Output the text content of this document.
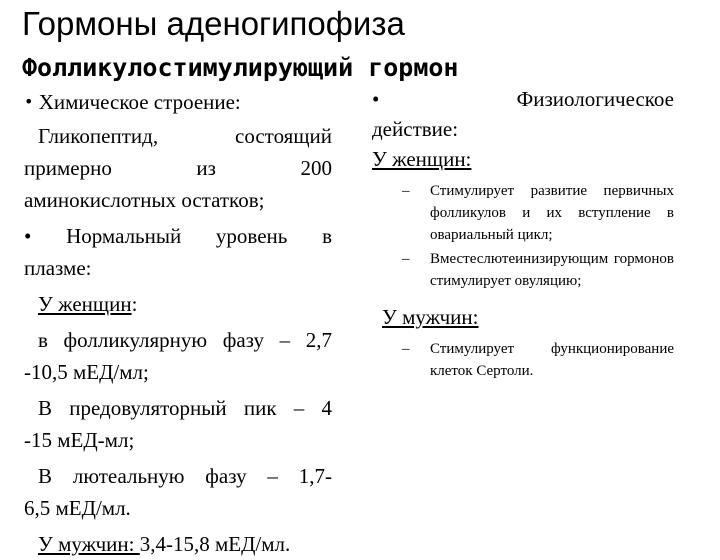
Гормоны аденогипофиза
Фолликулостимулирующий гормон

• Химическое строение:

Гликопептид, состоящий

примерно из 200

аминокислотных остатков;

• Нормальный уровень в

плазме:

У женщин:

в фолликулярную фазу – 2,7

-10,5 мЕД/мл;

В предовуляторный пик – 4

-15 мЕД-мл;

В лютеальную фазу – 1,7-

6,5 мЕД/мл.

У мужчин: 3,4-15,8 мЕД/мл.

•	Физиологическое

действие:

У женщин:

–	Стимулирует развитие первичных фолликулов и их вступление в овариальный цикл;
–	Вместеслютеинизирующим гормонов стимулирует овуляцию;

У мужчин:

–	Стимулирует функционирование клеток Сертоли.
